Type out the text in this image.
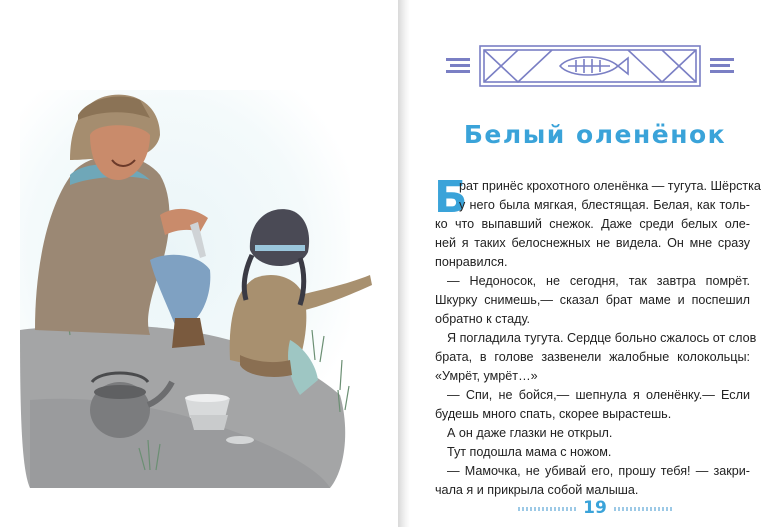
Белый оленёнок
Б
рат принёс крохотного оленёнка — тугута. Шёрстка
у него была мягкая, блестящая. Белая, как толь-
ко что выпавший снежок. Даже среди белых оле-
ней я таких белоснежных не видела. Он мне сразу
понравился.
— Недоносок, не сегодня, так завтра помрёт.
Шкурку снимешь,— сказал брат маме и поспешил
обратно к стаду.
Я погладила тугута. Сердце больно сжалось от слов
брата, в голове зазвенели жалобные колокольцы:
«Умрёт, умрёт…»
— Спи, не бойся,— шепнула я оленёнку.— Если
будешь много спать, скорее вырастешь.
А он даже глазки не открыл.
Тут подошла мама с ножом.
— Мамочка, не убивай его, прошу тебя! — закри-
чала я и прикрыла собой малыша.
19
